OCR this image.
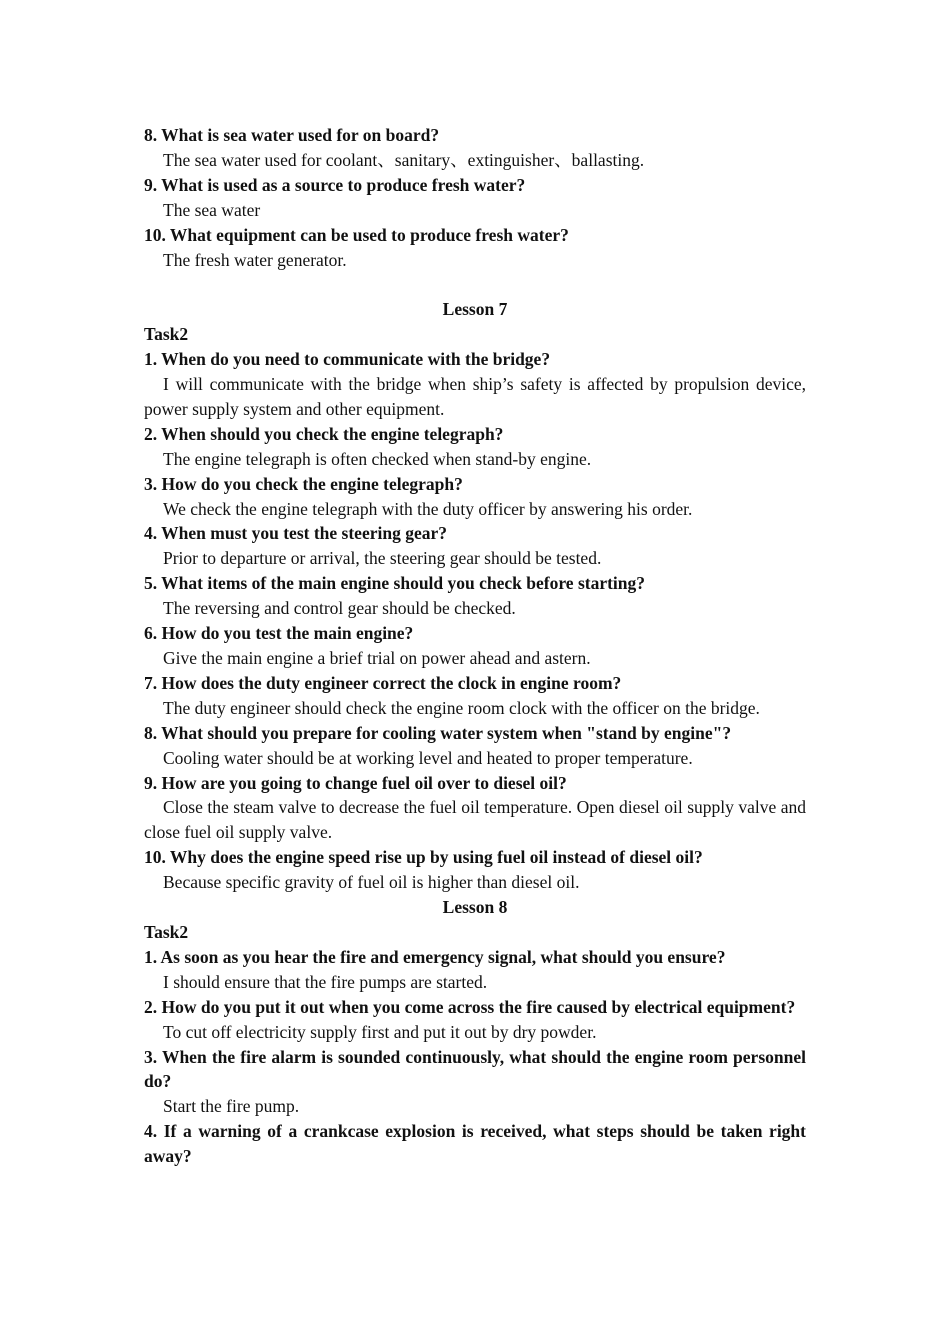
8. What is sea water used for on board?
The sea water used for coolant、sanitary、extinguisher、ballasting.
9. What is used as a source to produce fresh water?
The sea water
10. What equipment can be used to produce fresh water?
The fresh water generator.
Lesson 7
Task2
1. When do you need to communicate with the bridge?
I will communicate with the bridge when ship’s safety is affected by propulsion device, power supply system and other equipment.
2. When should you check the engine telegraph?
The engine telegraph is often checked when stand-by engine.
3. How do you check the engine telegraph?
We check the engine telegraph with the duty officer by answering his order.
4. When must you test the steering gear?
Prior to departure or arrival, the steering gear should be tested.
5. What items of the main engine should you check before starting?
The reversing and control gear should be checked.
6. How do you test the main engine?
Give the main engine a brief trial on power ahead and astern.
7. How does the duty engineer correct the clock in engine room?
The duty engineer should check the engine room clock with the officer on the bridge.
8. What should you prepare for cooling water system when "stand by engine"?
Cooling water should be at working level and heated to proper temperature.
9. How are you going to change fuel oil over to diesel oil?
Close the steam valve to decrease the fuel oil temperature. Open diesel oil supply valve and close fuel oil supply valve.
10. Why does the engine speed rise up by using fuel oil instead of diesel oil?
Because specific gravity of fuel oil is higher than diesel oil.
Lesson 8
Task2
1. As soon as you hear the fire and emergency signal, what should you ensure?
I should ensure that the fire pumps are started.
2. How do you put it out when you come across the fire caused by electrical equipment?
To cut off electricity supply first and put it out by dry powder.
3. When the fire alarm is sounded continuously, what should the engine room personnel do?
Start the fire pump.
4. If a warning of a crankcase explosion is received, what steps should be taken right away?
